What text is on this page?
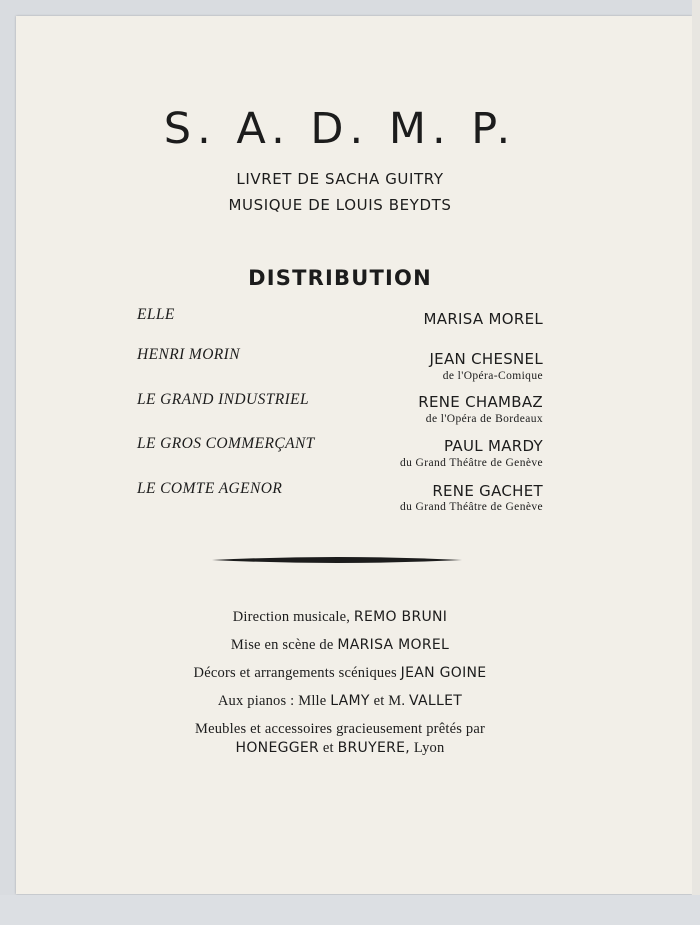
S. A. D. M. P.
LIVRET DE SACHA GUITRY
MUSIQUE DE LOUIS BEYDTS
DISTRIBUTION
ELLE	MARISA MOREL
HENRI MORIN	JEAN CHESNEL
de l'Opéra-Comique
LE GRAND INDUSTRIEL	RENE CHAMBAZ
de l'Opéra de Bordeaux
LE GROS COMMERÇANT	PAUL MARDY
du Grand Théâtre de Genève
LE COMTE AGENOR	RENE GACHET
du Grand Théâtre de Genève
Direction musicale, REMO BRUNI
Mise en scène de MARISA MOREL
Décors et arrangements scéniques JEAN GOINE
Aux pianos : Mlle LAMY et M. VALLET
Meubles et accessoires gracieusement prêtés par
HONEGGER et BRUYERE, Lyon
